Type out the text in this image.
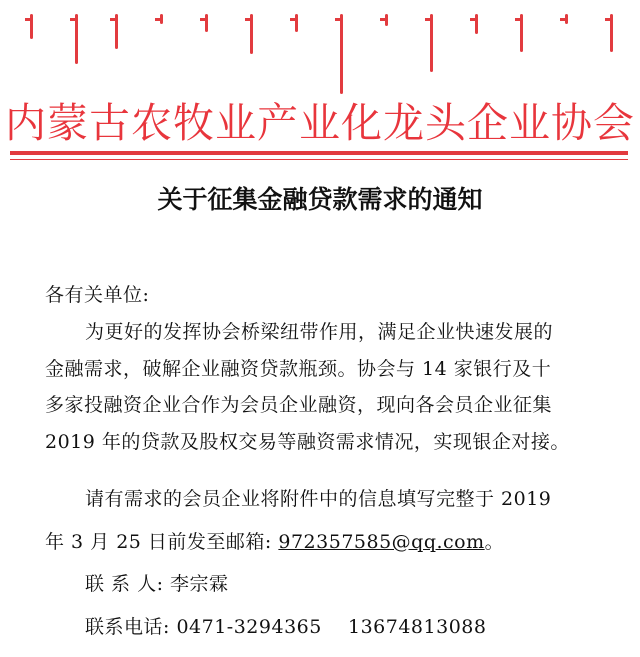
内蒙古农牧业产业化龙头企业协会
关于征集金融贷款需求的通知
各有关单位:
为更好的发挥协会桥梁纽带作用，满足企业快速发展的
金融需求，破解企业融资贷款瓶颈。协会与 14 家银行及十
多家投融资企业合作为会员企业融资，现向各会员企业征集
2019 年的贷款及股权交易等融资需求情况，实现银企对接。
请有需求的会员企业将附件中的信息填写完整于 2019
年 3 月 25 日前发至邮箱: 972357585@qq.com。
联 系 人: 李宗霖
联系电话: 0471-3294365    13674813088
